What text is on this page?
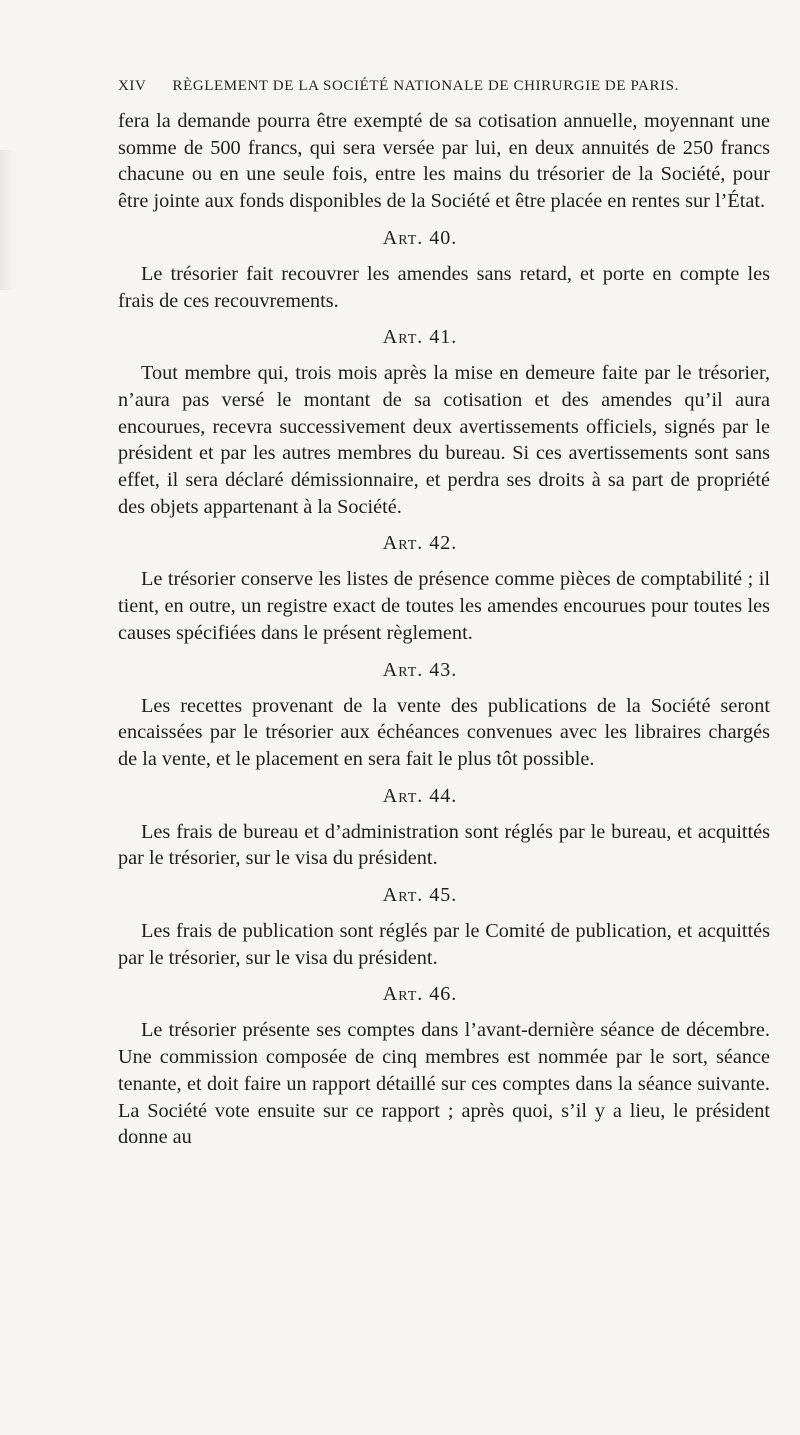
XIV RÈGLEMENT DE LA SOCIÉTÉ NATIONALE DE CHIRURGIE DE PARIS.

fera la demande pourra être exempté de sa cotisation annuelle, moyennant une somme de 500 francs, qui sera versée par lui, en deux annuités de 250 francs chacune ou en une seule fois, entre les mains du trésorier de la Société, pour être jointe aux fonds disponibles de la Société et être placée en rentes sur l’État.

Art. 40.

Le trésorier fait recouvrer les amendes sans retard, et porte en compte les frais de ces recouvrements.

Art. 41.

Tout membre qui, trois mois après la mise en demeure faite par le trésorier, n’aura pas versé le montant de sa cotisation et des amendes qu’il aura encourues, recevra successivement deux avertissements officiels, signés par le président et par les autres membres du bureau. Si ces avertissements sont sans effet, il sera déclaré démissionnaire, et perdra ses droits à sa part de propriété des objets appartenant à la Société.

Art. 42.

Le trésorier conserve les listes de présence comme pièces de comptabilité ; il tient, en outre, un registre exact de toutes les amendes encourues pour toutes les causes spécifiées dans le présent règlement.

Art. 43.

Les recettes provenant de la vente des publications de la Société seront encaissées par le trésorier aux échéances convenues avec les libraires chargés de la vente, et le placement en sera fait le plus tôt possible.

Art. 44.

Les frais de bureau et d’administration sont réglés par le bureau, et acquittés par le trésorier, sur le visa du président.

Art. 45.

Les frais de publication sont réglés par le Comité de publication, et acquittés par le trésorier, sur le visa du président.

Art. 46.

Le trésorier présente ses comptes dans l’avant-dernière séance de décembre. Une commission composée de cinq membres est nommée par le sort, séance tenante, et doit faire un rapport détaillé sur ces comptes dans la séance suivante. La Société vote ensuite sur ce rapport ; après quoi, s’il y a lieu, le président donne au
